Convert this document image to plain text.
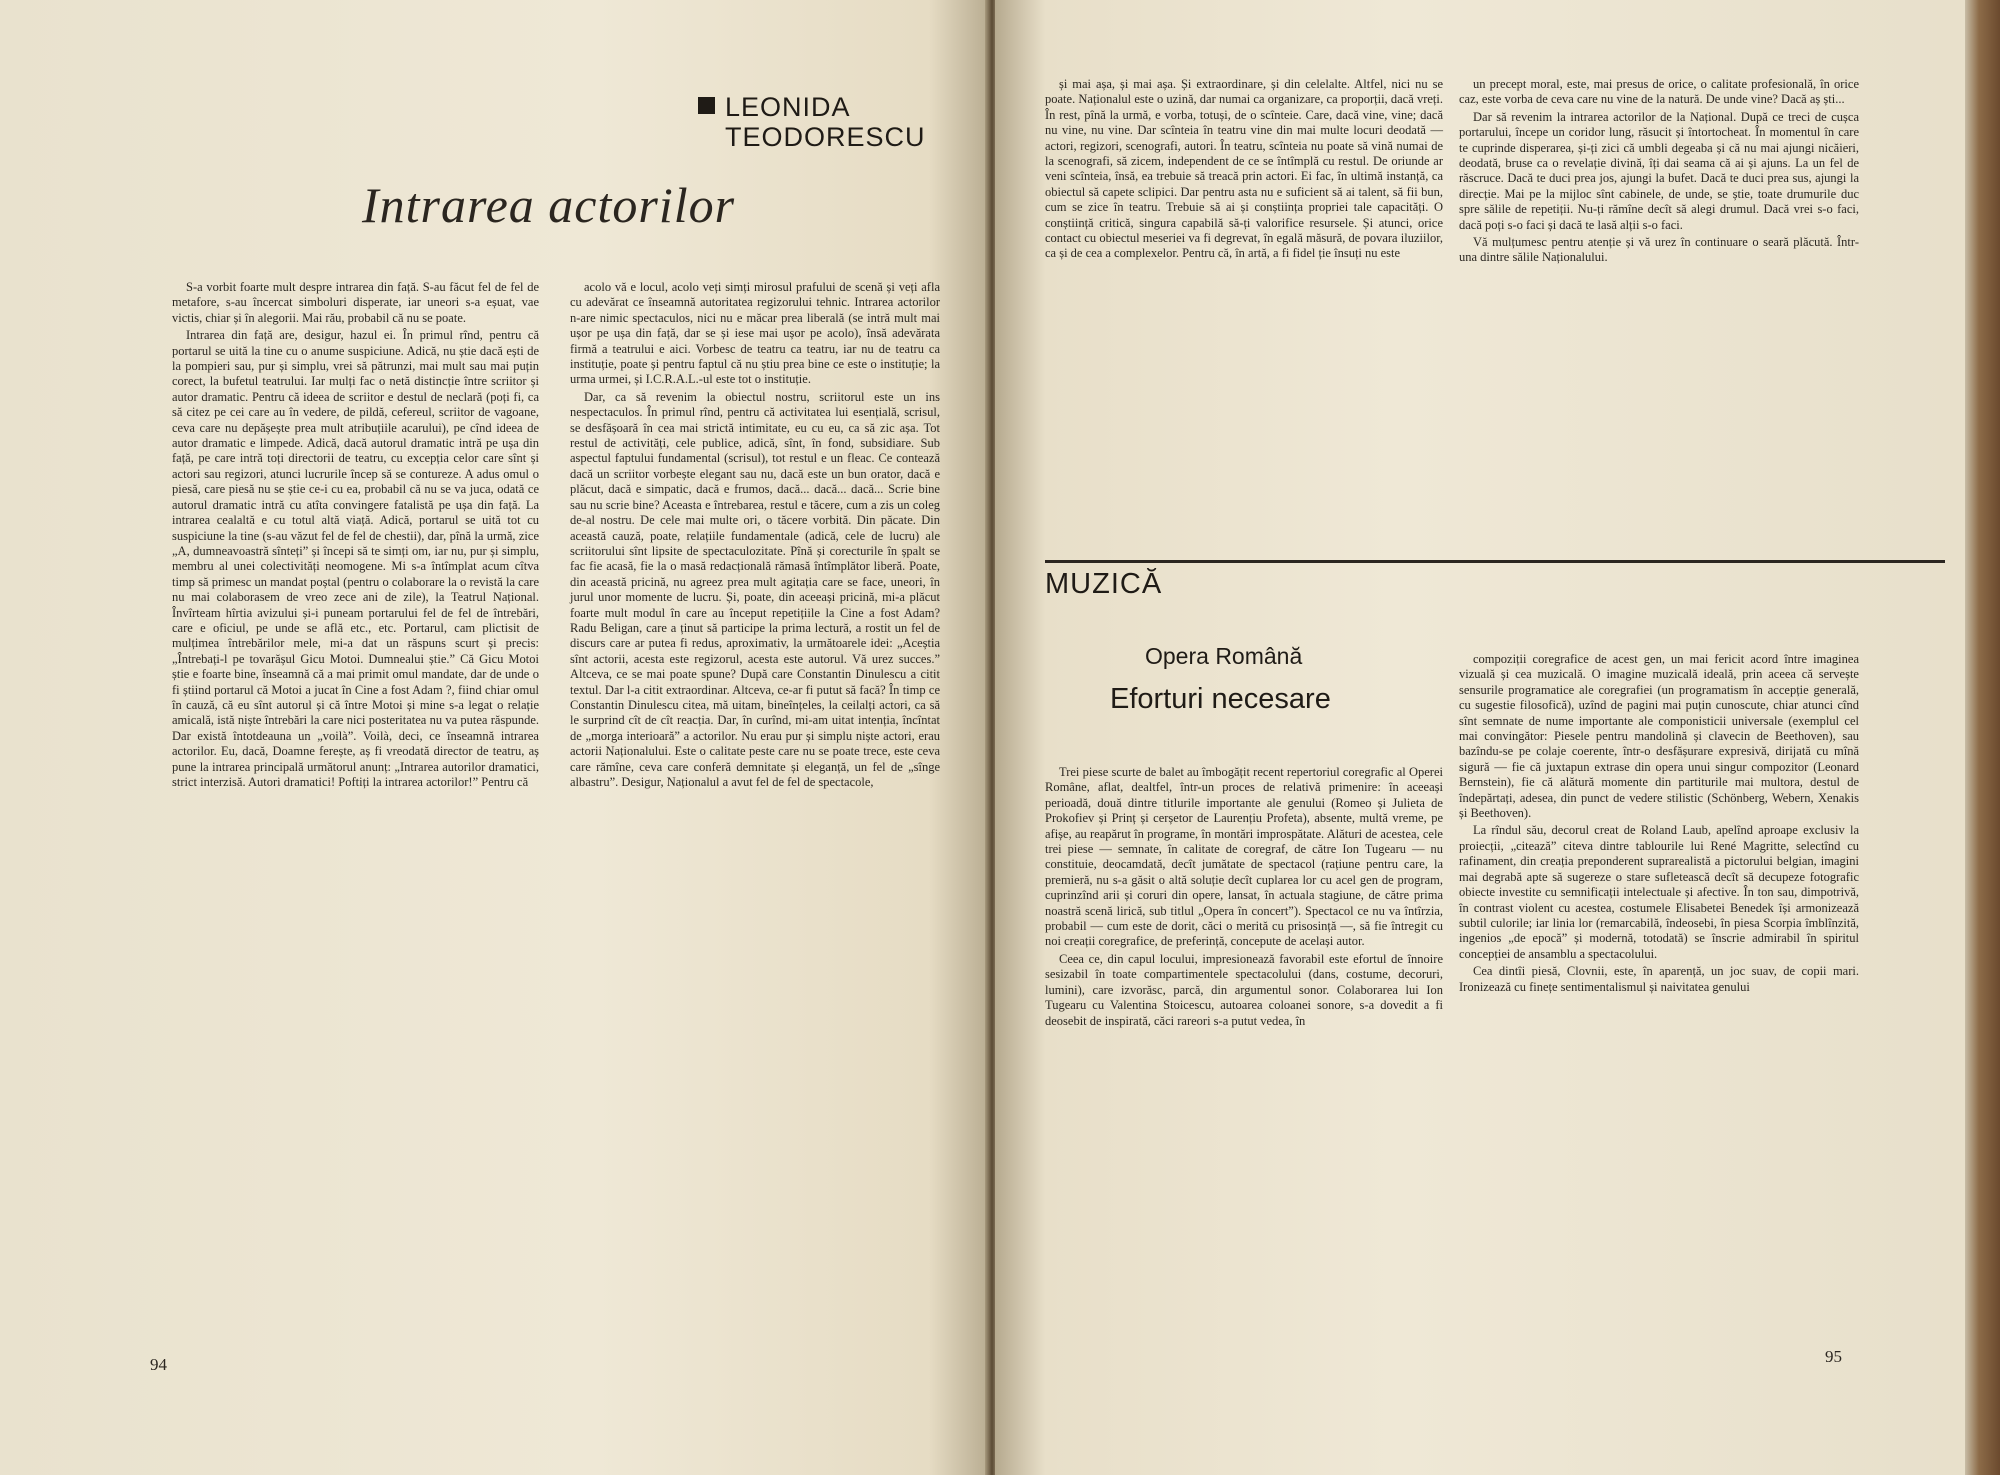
LEONIDA
TEODORESCU
Intrarea actorilor

S-a vorbit foarte mult despre intrarea din față. S-au făcut fel de fel de metafore, s-au încercat simboluri disperate, iar uneori s-a eșuat, vae victis, chiar și în alegorii. Mai rău, probabil că nu se poate.

Intrarea din față are, desigur, hazul ei. În primul rînd, pentru că portarul se uită la tine cu o anume suspiciune. Adică, nu știe dacă ești de la pompieri sau, pur și simplu, vrei să pătrunzi, mai mult sau mai puțin corect, la bufetul teatrului. Iar mulți fac o netă distincție între scriitor și autor dramatic. Pentru că ideea de scriitor e destul de neclară (poți fi, ca să citez pe cei care au în vedere, de pildă, cefereul, scriitor de vagoane, ceva care nu depășește prea mult atribuțiile acarului), pe cînd ideea de autor dramatic e limpede. Adică, dacă autorul dramatic intră pe ușa din față, pe care intră toți directorii de teatru, cu excepția celor care sînt și actori sau regizori, atunci lucrurile încep să se contureze. A adus omul o piesă, care piesă nu se știe ce-i cu ea, probabil că nu se va juca, odată ce autorul dramatic intră cu atîta convingere fatalistă pe ușa din față. La intrarea cealaltă e cu totul altă viață. Adică, portarul se uită tot cu suspiciune la tine (s-au văzut fel de fel de chestii), dar, pînă la urmă, zice „A, dumneavoastră sînteți” și începi să te simți om, iar nu, pur și simplu, membru al unei colectivități neomogene. Mi s-a întîmplat acum cîtva timp să primesc un mandat poștal (pentru o colaborare la o revistă la care nu mai colaborasem de vreo zece ani de zile), la Teatrul Național. Învîrteam hîrtia avizului și-i puneam portarului fel de fel de întrebări, care e oficiul, pe unde se află etc., etc. Portarul, cam plictisit de mulțimea întrebărilor mele, mi-a dat un răspuns scurt și precis: „Întrebați-l pe tovarășul Gicu Motoi. Dumnealui știe.” Că Gicu Motoi știe e foarte bine, înseamnă că a mai primit omul mandate, dar de unde o fi știind portarul că Motoi a jucat în Cine a fost Adam ?, fiind chiar omul în cauză, că eu sînt autorul și că între Motoi și mine s-a legat o relație amicală, istă niște întrebări la care nici posteritatea nu va putea răspunde. Dar există întotdeauna un „voilà”. Voilà, deci, ce înseamnă intrarea actorilor. Eu, dacă, Doamne ferește, aș fi vreodată director de teatru, aș pune la intrarea principală următorul anunț: „Intrarea autorilor dramatici, strict interzisă. Autori dramatici! Poftiți la intrarea actorilor!” Pentru că

acolo vă e locul, acolo veți simți mirosul prafului de scenă și veți afla cu adevărat ce înseamnă autoritatea regizorului tehnic. Intrarea actorilor n-are nimic spectaculos, nici nu e măcar prea liberală (se intră mult mai ușor pe ușa din față, dar se și iese mai ușor pe acolo), însă adevărata firmă a teatrului e aici. Vorbesc de teatru ca teatru, iar nu de teatru ca instituție, poate și pentru faptul că nu știu prea bine ce este o instituție; la urma urmei, și I.C.R.A.L.-ul este tot o instituție.

Dar, ca să revenim la obiectul nostru, scriitorul este un ins nespectaculos. În primul rînd, pentru că activitatea lui esențială, scrisul, se desfășoară în cea mai strictă intimitate, eu cu eu, ca să zic așa. Tot restul de activități, cele publice, adică, sînt, în fond, subsidiare. Sub aspectul faptului fundamental (scrisul), tot restul e un fleac. Ce contează dacă un scriitor vorbește elegant sau nu, dacă este un bun orator, dacă e plăcut, dacă e simpatic, dacă e frumos, dacă... dacă... dacă... Scrie bine sau nu scrie bine? Aceasta e întrebarea, restul e tăcere, cum a zis un coleg de-al nostru. De cele mai multe ori, o tăcere vorbită. Din păcate. Din această cauză, poate, relațiile fundamentale (adică, cele de lucru) ale scriitorului sînt lipsite de spectaculozitate. Pînă și corecturile în șpalt se fac fie acasă, fie la o masă redacțională rămasă întîmplător liberă. Poate, din această pricină, nu agreez prea mult agitația care se face, uneori, în jurul unor momente de lucru. Și, poate, din aceeași pricină, mi-a plăcut foarte mult modul în care au început repetițiile la Cine a fost Adam? Radu Beligan, care a ținut să participe la prima lectură, a rostit un fel de discurs care ar putea fi redus, aproximativ, la următoarele idei: „Aceștia sînt actorii, acesta este regizorul, acesta este autorul. Vă urez succes.” Altceva, ce se mai poate spune? După care Constantin Dinulescu a citit textul. Dar l-a citit extraordinar. Altceva, ce-ar fi putut să facă? În timp ce Constantin Dinulescu citea, mă uitam, bineînțeles, la ceilalți actori, ca să le surprind cît de cît reacția. Dar, în curînd, mi-am uitat intenția, încîntat de „morga interioară” a actorilor. Nu erau pur și simplu niște actori, erau actorii Naționalului. Este o calitate peste care nu se poate trece, este ceva care rămîne, ceva care conferă demnitate și eleganță, un fel de „sînge albastru”. Desigur, Naționalul a avut fel de fel de spectacole,

94

și mai așa, și mai așa. Și extraordinare, și din celelalte. Altfel, nici nu se poate. Naționalul este o uzină, dar numai ca organizare, ca proporții, dacă vreți. În rest, pînă la urmă, e vorba, totuși, de o scînteie. Care, dacă vine, vine; dacă nu vine, nu vine. Dar scînteia în teatru vine din mai multe locuri deodată — actori, regizori, scenografi, autori. În teatru, scînteia nu poate să vină numai de la scenografi, să zicem, independent de ce se întîmplă cu restul. De oriunde ar veni scînteia, însă, ea trebuie să treacă prin actori. Ei fac, în ultimă instanță, ca obiectul să capete sclipici. Dar pentru asta nu e suficient să ai talent, să fii bun, cum se zice în teatru. Trebuie să ai și conștiința propriei tale capacități. O conștiință critică, singura capabilă să-ți valorifice resursele. Și atunci, orice contact cu obiectul meseriei va fi degrevat, în egală măsură, de povara iluziilor, ca și de cea a complexelor. Pentru că, în artă, a fi fidel ție însuți nu este

un precept moral, este, mai presus de orice, o calitate profesională, în orice caz, este vorba de ceva care nu vine de la natură. De unde vine? Dacă aș ști...

Dar să revenim la intrarea actorilor de la Național. După ce treci de cușca portarului, începe un coridor lung, răsucit și întortocheat. În momentul în care te cuprinde disperarea, și-ți zici că umbli degeaba și că nu mai ajungi nicăieri, deodată, bruse ca o revelație divină, îți dai seama că ai și ajuns. La un fel de răscruce. Dacă te duci prea jos, ajungi la bufet. Dacă te duci prea sus, ajungi la direcție. Mai pe la mijloc sînt cabinele, de unde, se știe, toate drumurile duc spre sălile de repetiții. Nu-ți rămîne decît să alegi drumul. Dacă vrei s-o faci, dacă poți s-o faci și dacă te lasă alții s-o faci.

Vă mulțumesc pentru atenție și vă urez în continuare o seară plăcută. Într-una dintre sălile Naționalului.

MUZICĂ
Opera Română
Eforturi necesare

Trei piese scurte de balet au îmbogățit recent repertoriul coregrafic al Operei Române, aflat, dealtfel, într-un proces de relativă primenire: în aceeași perioadă, două dintre titlurile importante ale genului (Romeo și Julieta de Prokofiev și Prinț și cerșetor de Laurențiu Profeta), absente, multă vreme, pe afișe, au reapărut în programe, în montări improspătate. Alături de acestea, cele trei piese — semnate, în calitate de coregraf, de către Ion Tugearu — nu constituie, deocamdată, decît jumătate de spectacol (rațiune pentru care, la premieră, nu s-a găsit o altă soluție decît cuplarea lor cu acel gen de program, cuprinzînd arii și coruri din opere, lansat, în actuala stagiune, de către prima noastră scenă lirică, sub titlul „Opera în concert”). Spectacol ce nu va întîrzia, probabil — cum este de dorit, căci o merită cu prisosință —, să fie întregit cu noi creații coregrafice, de preferință, concepute de același autor.

Ceea ce, din capul locului, impresionează favorabil este efortul de înnoire sesizabil în toate compartimentele spectacolului (dans, costume, decoruri, lumini), care izvorăsc, parcă, din argumentul sonor. Colaborarea lui Ion Tugearu cu Valentina Stoicescu, autoarea coloanei sonore, s-a dovedit a fi deosebit de inspirată, căci rareori s-a putut vedea, în

compoziții coregrafice de acest gen, un mai fericit acord între imaginea vizuală și cea muzicală. O imagine muzicală ideală, prin aceea că servește sensurile programatice ale coregrafiei (un programatism în accepție generală, cu sugestie filosofică), uzînd de pagini mai puțin cunoscute, chiar atunci cînd sînt semnate de nume importante ale componisticii universale (exemplul cel mai convingător: Piesele pentru mandolină și clavecin de Beethoven), sau bazîndu-se pe colaje coerente, într-o desfășurare expresivă, dirijată cu mînă sigură — fie că juxtapun extrase din opera unui singur compozitor (Leonard Bernstein), fie că alătură momente din partiturile mai multora, destul de îndepărtați, adesea, din punct de vedere stilistic (Schönberg, Webern, Xenakis și Beethoven).

La rîndul său, decorul creat de Roland Laub, apelînd aproape exclusiv la proiecții, „citează” citeva dintre tablourile lui René Magritte, selectînd cu rafinament, din creația preponderent suprarealistă a pictorului belgian, imagini mai degrabă apte să sugereze o stare sufletească decît să decupeze fotografic obiecte investite cu semnificații intelectuale și afective. În ton sau, dimpotrivă, în contrast violent cu acestea, costumele Elisabetei Benedek își armonizează subtil culorile; iar linia lor (remarcabilă, îndeosebi, în piesa Scorpia îmblînzită, ingenios „de epocă” și modernă, totodată) se înscrie admirabil în spiritul concepției de ansamblu a spectacolului.

Cea dintîi piesă, Clovnii, este, în aparență, un joc suav, de copii mari. Ironizează cu finețe sentimentalismul și naivitatea genului

95
